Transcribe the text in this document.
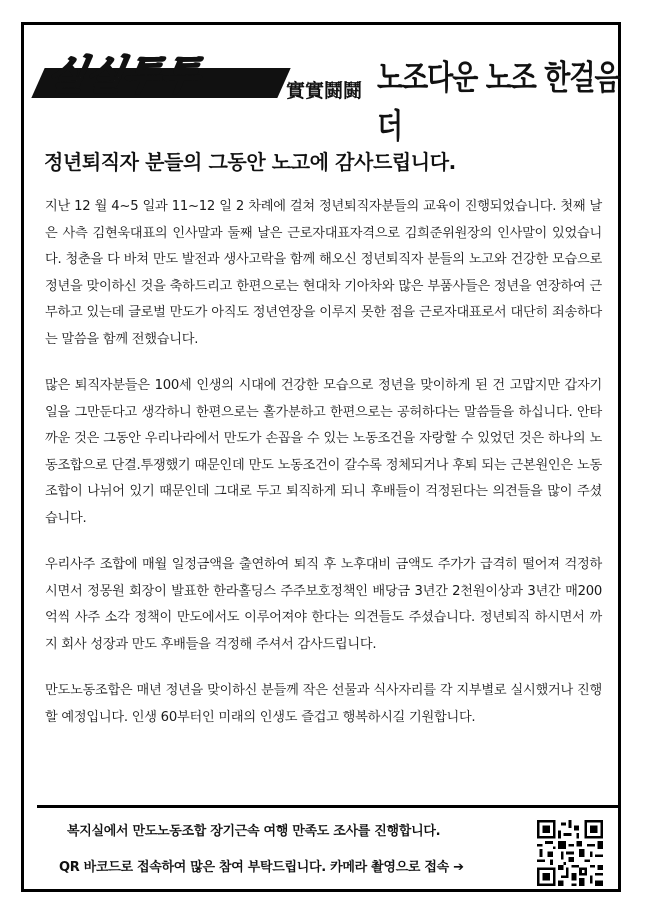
실실투투	實實鬪鬪 노조다운 노조 한걸음 더
정년퇴직자 분들의 그동안 노고에 감사드립니다.

지난 12 월 4~5 일과 11~12 일 2 차례에 걸쳐 정년퇴직자분들의 교육이 진행되었습니다. 첫째 날은 사측 김현욱대표의 인사말과 둘째 날은 근로자대표자격으로 김희준위원장의 인사말이 있었습니다. 청춘을 다 바쳐 만도 발전과 생사고락을 함께 해오신 정년퇴직자 분들의 노고와 건강한 모습으로 정년을 맞이하신 것을 축하드리고 한편으로는 현대차 기아차와 많은 부품사들은 정년을 연장하여 근무하고 있는데 글로벌 만도가 아직도 정년연장을 이루지 못한 점을 근로자대표로서 대단히 죄송하다는 말씀을 함께 전했습니다.

많은 퇴직자분들은 100세 인생의 시대에 건강한 모습으로 정년을 맞이하게 된 건 고맙지만 갑자기 일을 그만둔다고 생각하니 한편으로는 홀가분하고 한편으로는 공허하다는 말씀들을 하십니다. 안타까운 것은 그동안 우리나라에서 만도가 손꼽을 수 있는 노동조건을 자랑할 수 있었던 것은 하나의 노동조합으로 단결.투쟁했기 때문인데 만도 노동조건이 갈수록 정체되거나 후퇴 되는 근본원인은 노동조합이 나뉘어 있기 때문인데 그대로 두고 퇴직하게 되니 후배들이 걱정된다는 의견들을 많이 주셨습니다.

우리사주 조합에 매월 일정금액을 출연하여 퇴직 후 노후대비 금액도 주가가 급격히 떨어져 걱정하시면서 정몽원 회장이 발표한 한라홀딩스 주주보호정책인 배당금 3년간 2천원이상과 3년간 매200억씩 사주 소각 정책이 만도에서도 이루어져야 한다는 의견들도 주셨습니다. 정년퇴직 하시면서 까지 회사 성장과 만도 후배들을 걱정해 주셔서 감사드립니다.

만도노동조합은 매년 정년을 맞이하신 분들께 작은 선물과 식사자리를 각 지부별로 실시했거나 진행할 예정입니다. 인생 60부터인 미래의 인생도 즐겁고 행복하시길 기원합니다.

복지실에서 만도노동조합 장기근속 여행 만족도 조사를 진행합니다.
QR 바코드로 접속하여 많은 참여 부탁드립니다. 카메라 촬영으로 접속 ➔
